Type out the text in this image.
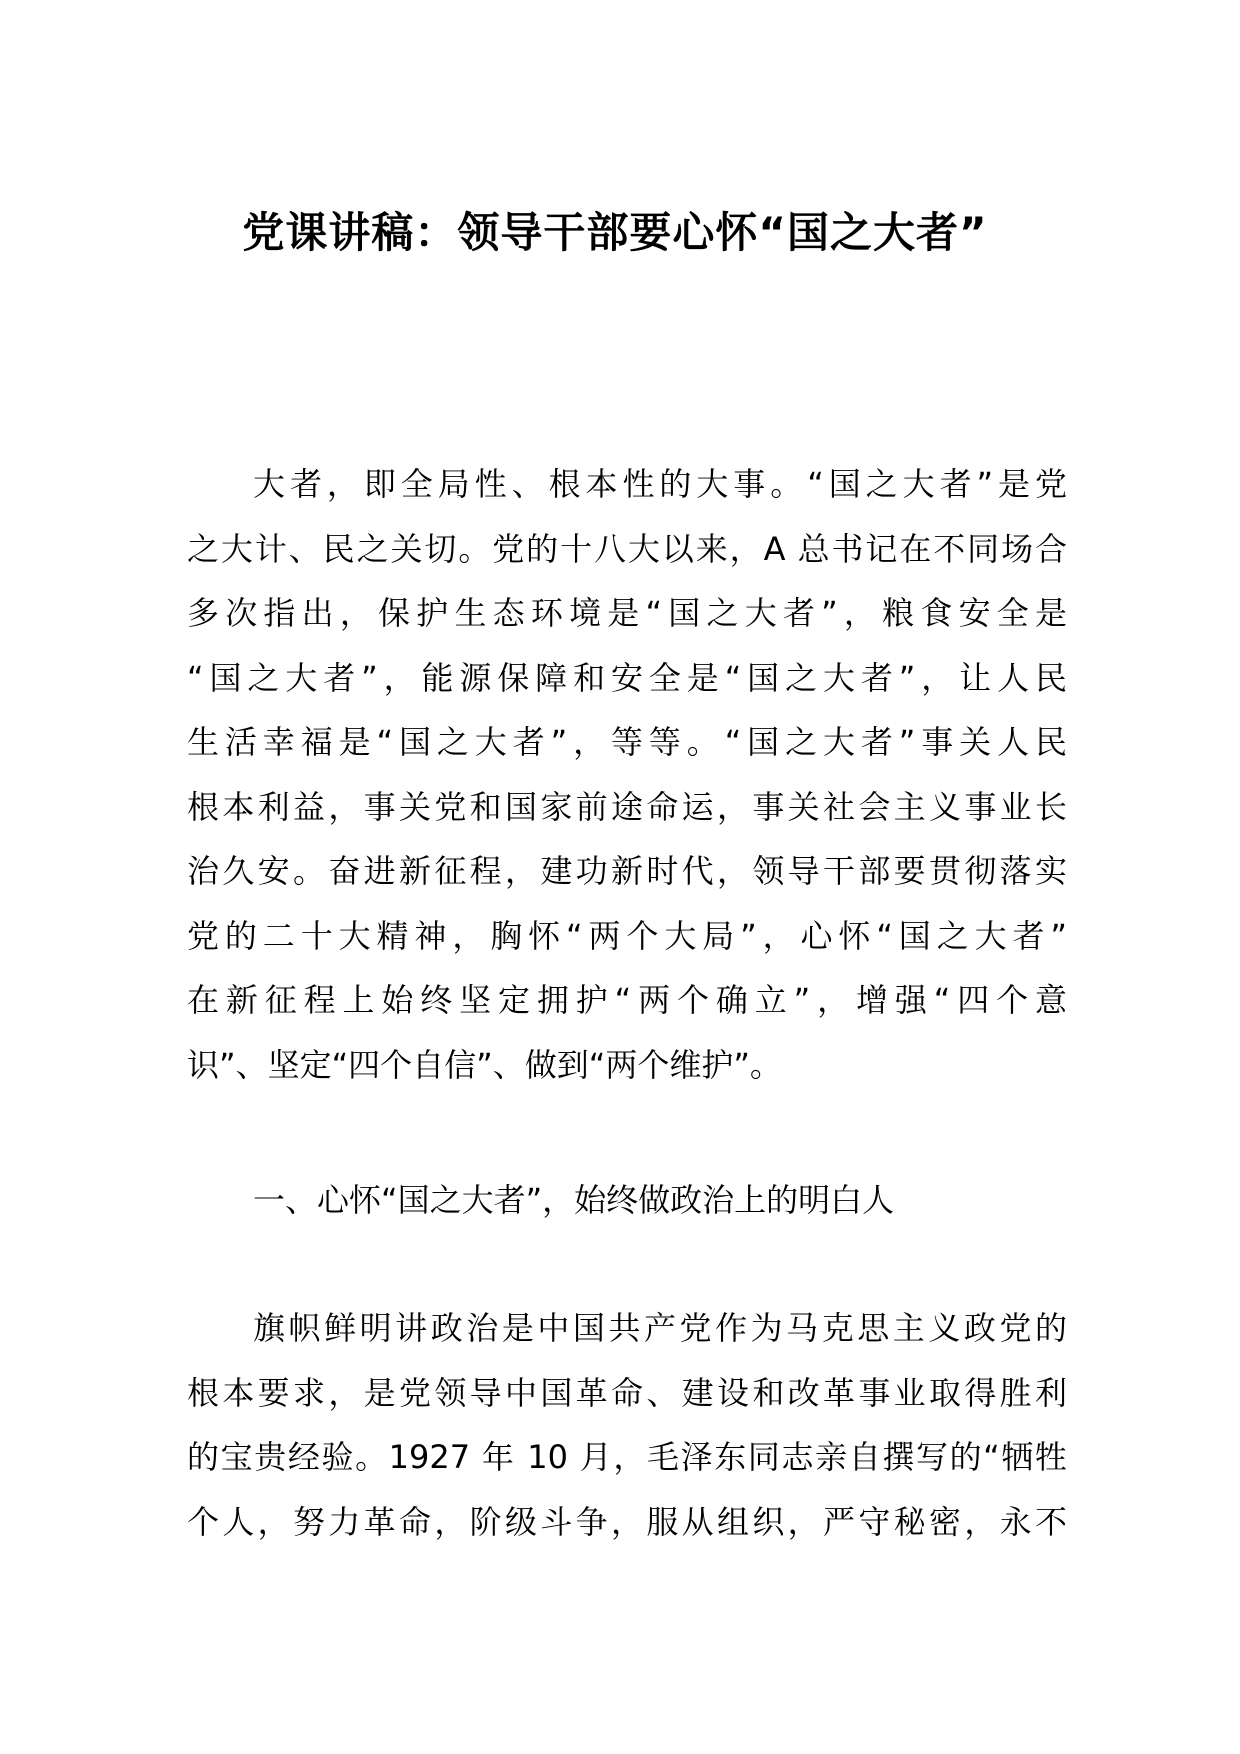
党课讲稿：领导干部要心怀“国之大者”
大者，即全局性、根本性的大事。“国之大者”是党
之大计、民之关切。党的十八大以来，A 总书记在不同场合
多次指出，保护生态环境是“国之大者”，粮食安全是
“国之大者”，能源保障和安全是“国之大者”，让人民
生活幸福是“国之大者”，等等。“国之大者”事关人民
根本利益，事关党和国家前途命运，事关社会主义事业长
治久安。奋进新征程，建功新时代，领导干部要贯彻落实
党的二十大精神，胸怀“两个大局”，心怀“国之大者”
在新征程上始终坚定拥护“两个确立”，增强“四个意
识”、坚定“四个自信”、做到“两个维护”。
一、心怀“国之大者”，始终做政治上的明白人
旗帜鲜明讲政治是中国共产党作为马克思主义政党的
根本要求，是党领导中国革命、建设和改革事业取得胜利
的宝贵经验。1927 年 10 月，毛泽东同志亲自撰写的“牺牲
个人，努力革命，阶级斗争，服从组织，严守秘密，永不
